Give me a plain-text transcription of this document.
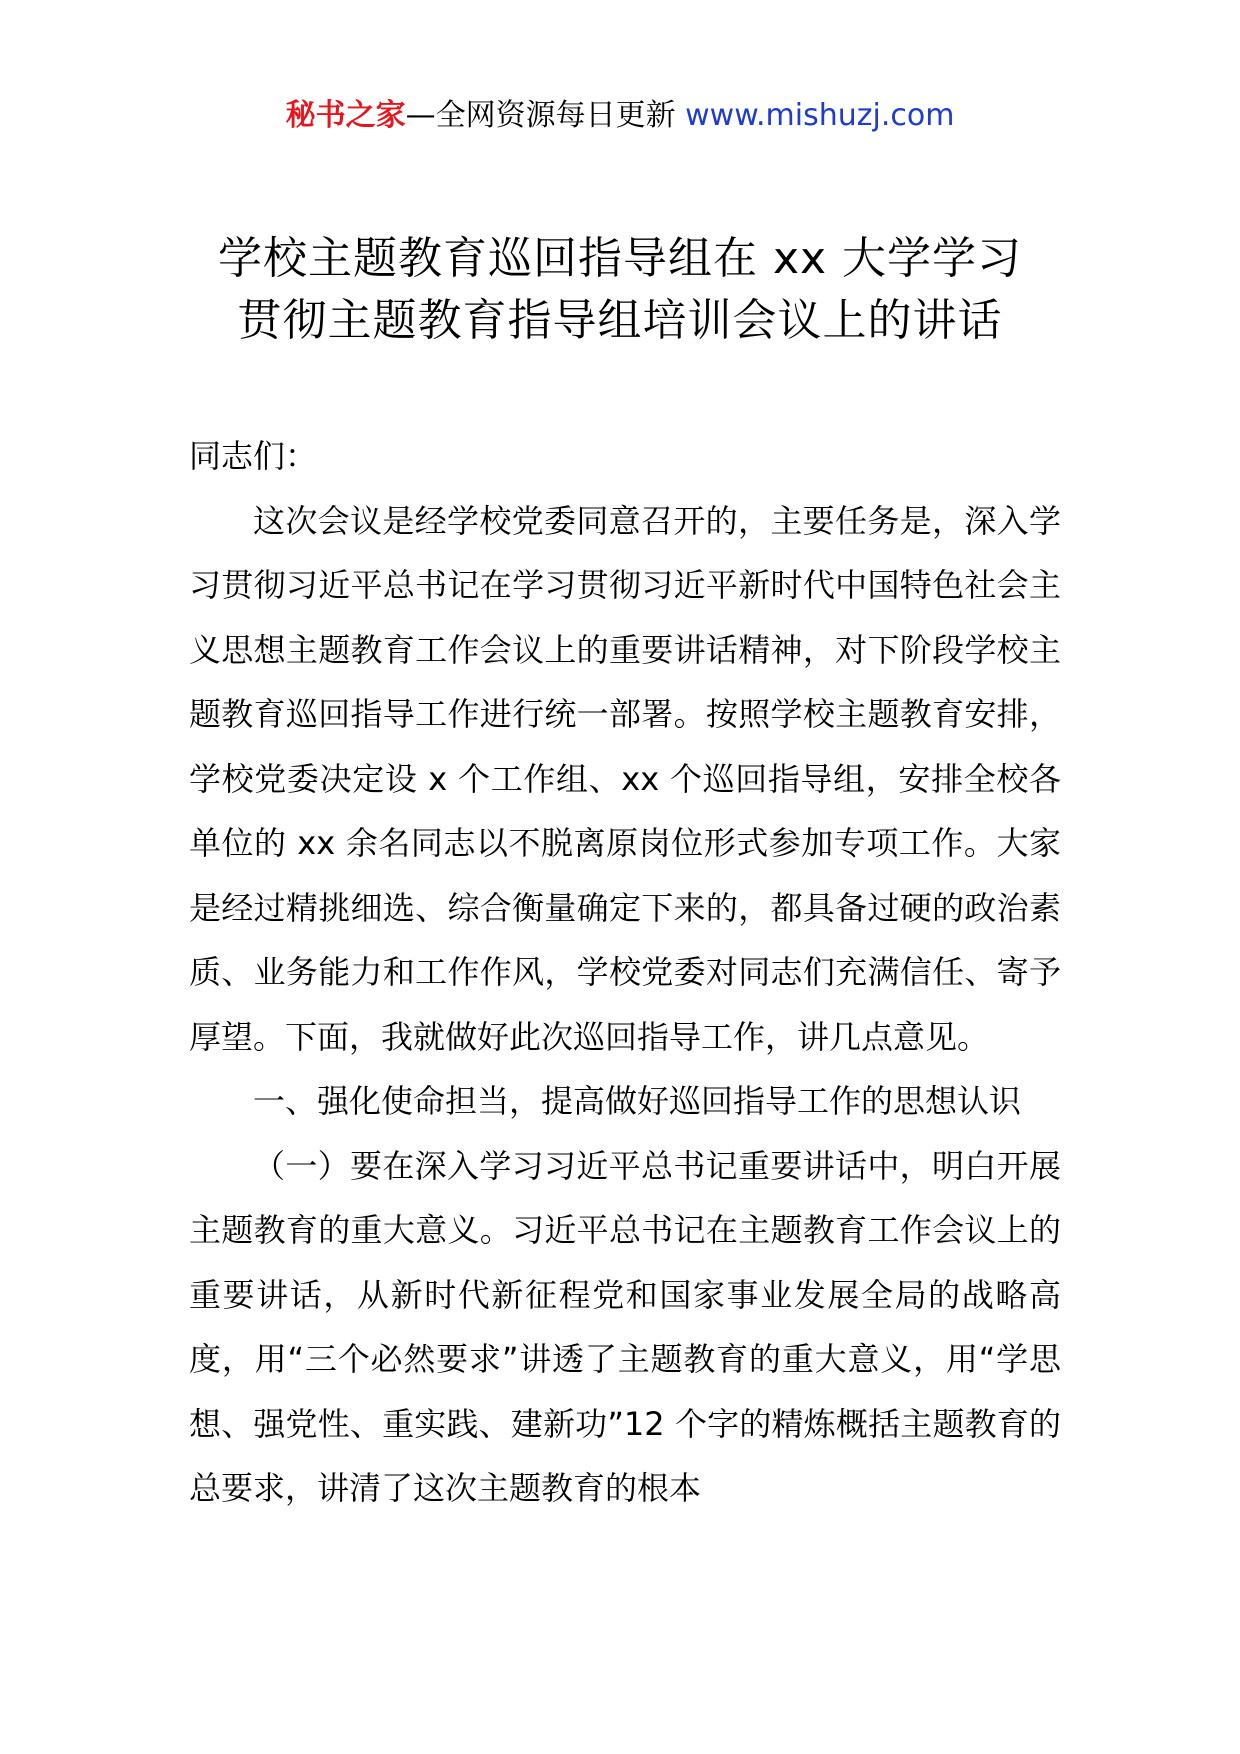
秘书之家—全网资源每日更新 www.mishuzj.com
学校主题教育巡回指导组在 xx 大学学习
贯彻主题教育指导组培训会议上的讲话

同志们：

这次会议是经学校党委同意召开的，主要任务是，深入学习贯彻习近平总书记在学习贯彻习近平新时代中国特色社会主义思想主题教育工作会议上的重要讲话精神，对下阶段学校主题教育巡回指导工作进行统一部署。按照学校主题教育安排，学校党委决定设 x 个工作组、xx 个巡回指导组，安排全校各单位的 xx 余名同志以不脱离原岗位形式参加专项工作。大家是经过精挑细选、综合衡量确定下来的，都具备过硬的政治素质、业务能力和工作作风，学校党委对同志们充满信任、寄予厚望。下面，我就做好此次巡回指导工作，讲几点意见。

一、强化使命担当，提高做好巡回指导工作的思想认识

（一）要在深入学习习近平总书记重要讲话中，明白开展主题教育的重大意义。习近平总书记在主题教育工作会议上的重要讲话，从新时代新征程党和国家事业发展全局的战略高度，用“三个必然要求”讲透了主题教育的重大意义，用“学思想、强党性、重实践、建新功”12 个字的精炼概括主题教育的总要求，讲清了这次主题教育的根本
